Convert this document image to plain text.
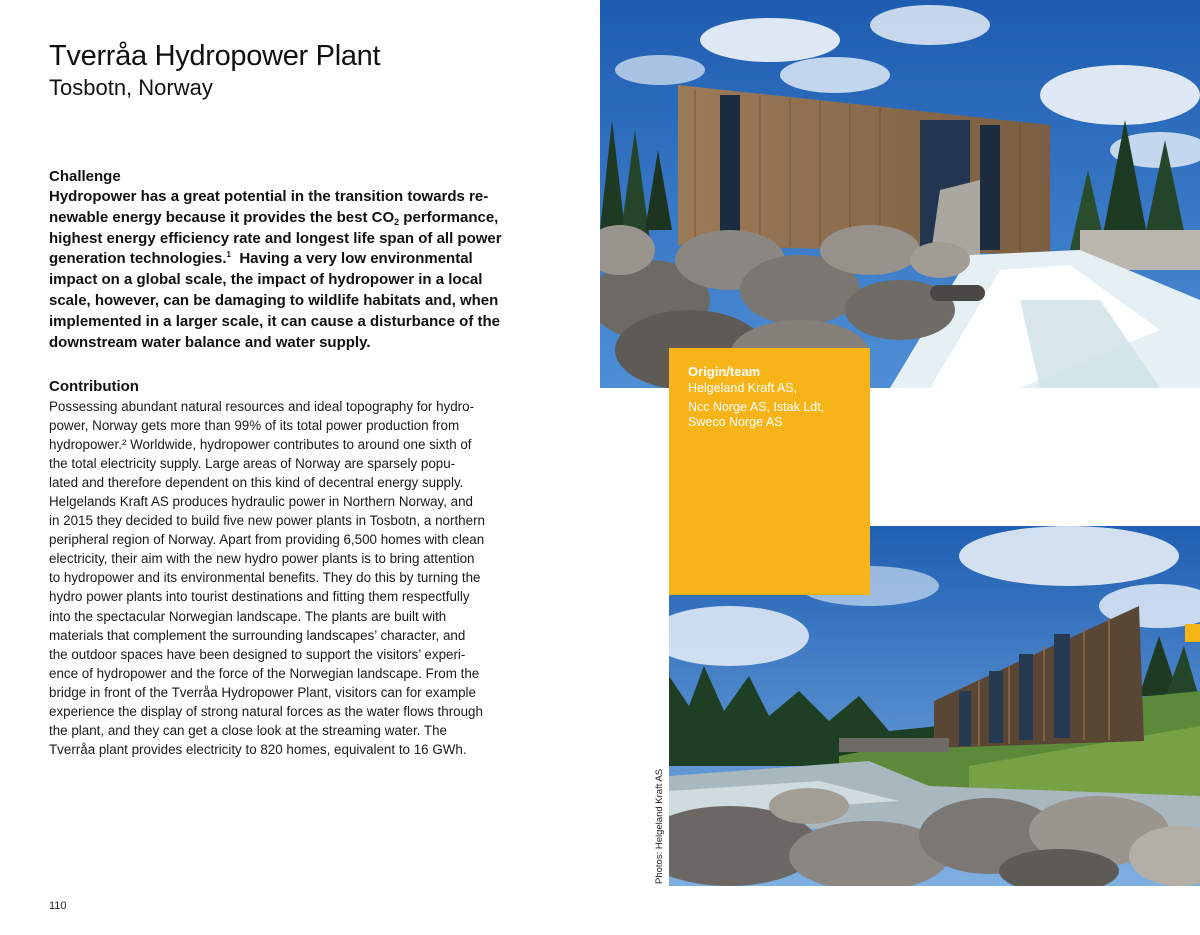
Tverråa Hydropower Plant
Tosbotn, Norway
Challenge

Hydropower has a great potential in the transition towards re-

newable energy because it provides the best $CO_2$ performance,

highest energy efficiency rate and longest life span of all power

generation technologies.$^1$  Having a very low environmental

impact on a global scale, the impact of hydropower in a local

scale, however, can be damaging to wildlife habitats and, when

implemented in a larger scale, it can cause a disturbance of the

downstream water balance and water supply.

Contribution

Possessing abundant natural resources and ideal topography for hydro-

power, Norway gets more than 99% of its total power production from

hydropower.² Worldwide, hydropower contributes to around one sixth of

the total electricity supply. Large areas of Norway are sparsely popu-

lated and therefore dependent on this kind of decentral energy supply.

Helgelands Kraft AS produces hydraulic power in Northern Norway, and

in 2015 they decided to build five new power plants in Tosbotn, a northern

peripheral region of Norway. Apart from providing 6,500 homes with clean

electricity, their aim with the new hydro power plants is to bring attention

to hydropower and its environmental benefits. They do this by turning the

hydro power plants into tourist destinations and fitting them respectfully

into the spectacular Norwegian landscape. The plants are built with

materials that complement the surrounding landscapes’ character, and

the outdoor spaces have been designed to support the visitors’ experi-

ence of hydropower and the force of the Norwegian landscape. From the

bridge in front of the Tverråa Hydropower Plant, visitors can for example

experience the display of strong natural forces as the water flows through

the plant, and they can get a close look at the streaming water. The

Tverråa plant provides electricity to 820 homes, equivalent to 16 GWh.

110
Origin/team
Helgeland Kraft AS,
Ncc Norge AS, Istak Ldt,
Sweco Norge AS
Photos: Helgeland Kraft AS
